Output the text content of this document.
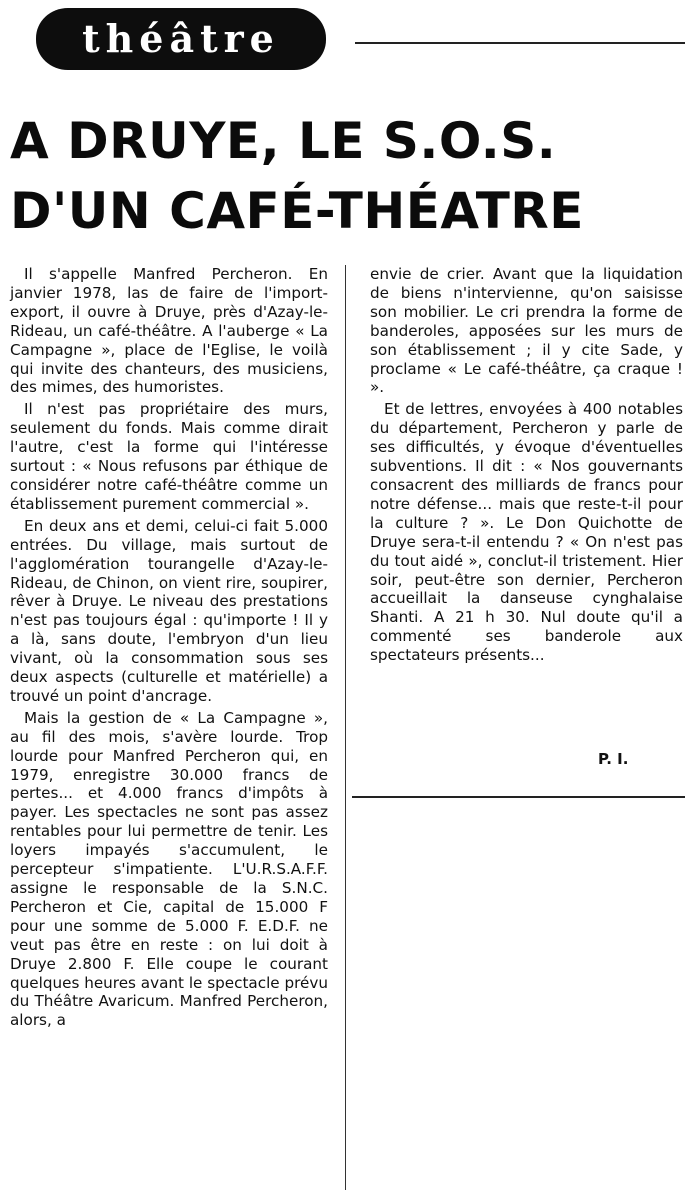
théâtre
A DRUYE, LE S.O.S.
D'UN CAFÉ-THÉATRE

Il s'appelle Manfred Percheron. En janvier 1978, las de faire de l'import-export, il ouvre à Druye, près d'Azay-le-Rideau, un café-théâtre. A l'auberge « La Campagne », place de l'Eglise, le voilà qui invite des chanteurs, des musiciens, des mimes, des humoristes.

Il n'est pas propriétaire des murs, seulement du fonds. Mais comme dirait l'autre, c'est la forme qui l'intéresse surtout : « Nous refusons par éthique de considérer notre café-théâtre comme un établissement purement commercial ».

En deux ans et demi, celui-ci fait 5.000 entrées. Du village, mais surtout de l'agglomération tourangelle d'Azay-le-Rideau, de Chinon, on vient rire, soupirer, rêver à Druye. Le niveau des prestations n'est pas toujours égal : qu'importe ! Il y a là, sans doute, l'embryon d'un lieu vivant, où la consommation sous ses deux aspects (culturelle et matérielle) a trouvé un point d'ancrage.

Mais la gestion de « La Campagne », au fil des mois, s'avère lourde. Trop lourde pour Manfred Percheron qui, en 1979, enregistre 30.000 francs de pertes... et 4.000 francs d'impôts à payer. Les spectacles ne sont pas assez rentables pour lui permettre de tenir. Les loyers impayés s'accumulent, le percepteur s'impatiente. L'U.R.S.A.F.F. assigne le responsable de la S.N.C. Percheron et Cie, capital de 15.000 F pour une somme de 5.000 F. E.D.F. ne veut pas être en reste : on lui doit à Druye 2.800 F. Elle coupe le courant quelques heures avant le spectacle prévu du Théâtre Avaricum. Manfred Percheron, alors, a

envie de crier. Avant que la liquidation de biens n'intervienne, qu'on saisisse son mobilier. Le cri prendra la forme de banderoles, apposées sur les murs de son établissement ; il y cite Sade, y proclame « Le café-théâtre, ça craque ! ».

Et de lettres, envoyées à 400 notables du département, Percheron y parle de ses difficultés, y évoque d'éventuelles subventions. Il dit : « Nos gouvernants consacrent des milliards de francs pour notre défense... mais que reste-t-il pour la culture ? ». Le Don Quichotte de Druye sera-t-il entendu ? « On n'est pas du tout aidé », conclut-il tristement. Hier soir, peut-être son dernier, Percheron accueillait la danseuse cynghalaise Shanti. A 21 h 30. Nul doute qu'il a commenté ses banderole aux spectateurs présents...

P. I.
